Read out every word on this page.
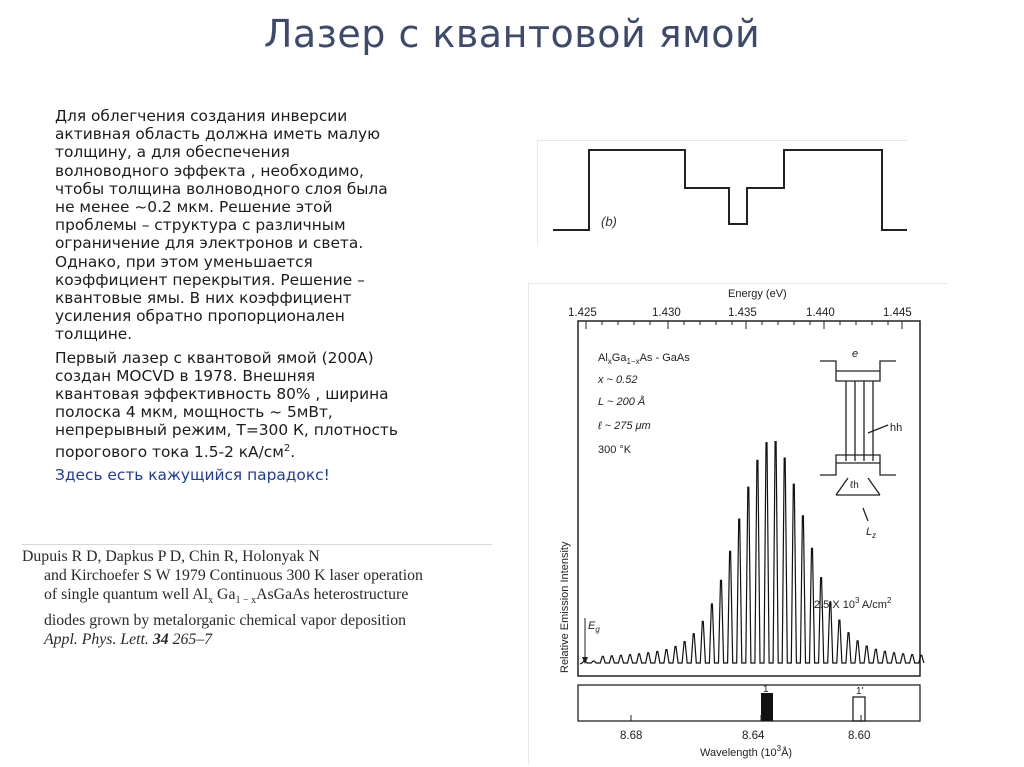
Лазер с квантовой ямой

Для облегчения создания инверсии
активная область должна иметь малую
толщину, а для обеспечения
волноводного эффекта , необходимо,
чтобы толщина волноводного слоя была
не менее ~0.2 мкм. Решение этой
проблемы – структура с различным
ограничение для электронов и света.
Однако, при этом уменьшается
коэффициент перекрытия. Решение –
квантовые ямы. В них коэффициент
усиления обратно пропорционален
толщине.

Первый лазер с квантовой ямой (200А)
создан MOCVD в 1978. Внешняя
квантовая эффективность 80% , ширина
полоска 4 мкм, мощность ~ 5мВт,
непрерывный режим, T=300 К, плотность
порогового тока 1.5-2 $кА/см^2$.

Здесь есть кажущийся парадокс!

Dupuis R D, Dapkus P D, Chin R, Holonyak N
and Kirchoefer S W 1979 Continuous 300 K laser operation
of single quantum well $Al_x$ $Ga_{1 - x}AsGaAs$ heterostructure
diodes grown by metalorganic chemical vapor deposition
Appl. Phys. Lett. 34 265–7
(b)
Energy (eV)
1.425	1.430	1.435	1.440	1.445
Relative Emission Intensity
$Al_xGa_{1-x}As$ - GaAs
x ~ 0.52
L ~ 200 Å
ℓ ~ 275 μm
300 °K
e
hh
ℓh
$L_z$
2.5 X $10^3$ $A/cm^2$
$E_g$
1	1'
8.68	8.64	8.60
Wavelength $(10^3Å)$
